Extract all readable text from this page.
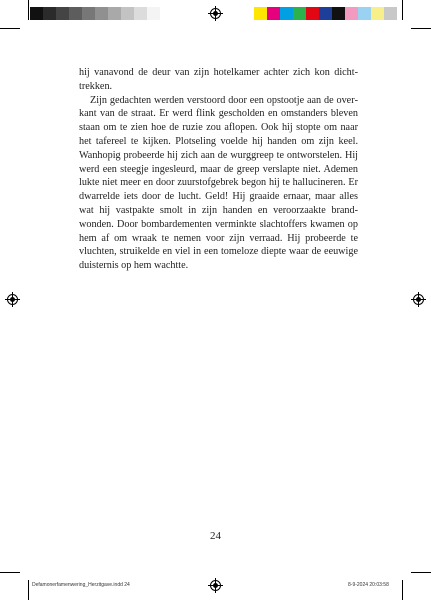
hij vanavond de deur van zijn hotelkamer achter zich kon dichttrekken.

Zijn gedachten werden verstoord door een opstootje aan de overkant van de straat. Er werd flink gescholden en omstanders bleven staan om te zien hoe de ruzie zou aflopen. Ook hij stopte om naar het tafereel te kijken. Plotseling voelde hij handen om zijn keel. Wanhopig probeerde hij zich aan de wurggreep te ontworstelen. Hij werd een steegje ingesleurd, maar de greep verslapte niet. Ademen lukte niet meer en door zuurstofgebrek begon hij te hallucineren. Er dwarrelde iets door de lucht. Geld! Hij graaide ernaar, maar alles wat hij vastpakte smolt in zijn handen en veroorzaakte brandwonden. Door bombardementen verminkte slachtoffers kwamen op hem af om wraak te nemen voor zijn verraad. Hij probeerde te vluchten, struikelde en viel in een tomeloze diepte waar de eeuwige duisternis op hem wachtte.

24
Defamonerfamenwering_Herzitgave.indd 24	8-9-2024 20:03:58
